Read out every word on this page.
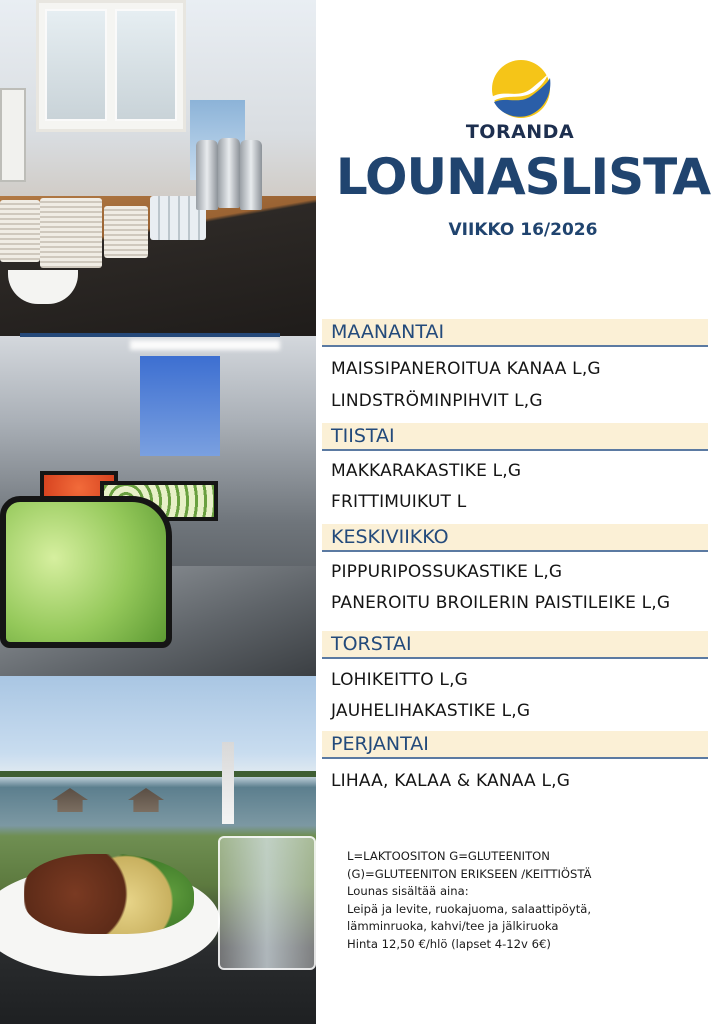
TORANDA
LOUNASLISTA
VIIKKO 16/2026
MAANANTAI
MAISSIPANEROITUA KANAA L,G
LINDSTRÖMINPIHVIT L,G
TIISTAI
MAKKARAKASTIKE L,G
FRITTIMUIKUT L
KESKIVIIKKO
PIPPURIPOSSUKASTIKE L,G
PANEROITU BROILERIN PAISTILEIKE L,G
TORSTAI
LOHIKEITTO L,G
JAUHELIHAKASTIKE L,G
PERJANTAI
LIHAA, KALAA & KANAA L,G
L=LAKTOOSITON G=GLUTEENITON
(G)=GLUTEENITON ERIKSEEN /KEITTIÖSTÄ
Lounas sisältää aina:
Leipä ja levite, ruokajuoma, salaattipöytä,
lämminruoka, kahvi/tee ja jälkiruoka
Hinta 12,50 €/hlö (lapset 4-12v 6€)
